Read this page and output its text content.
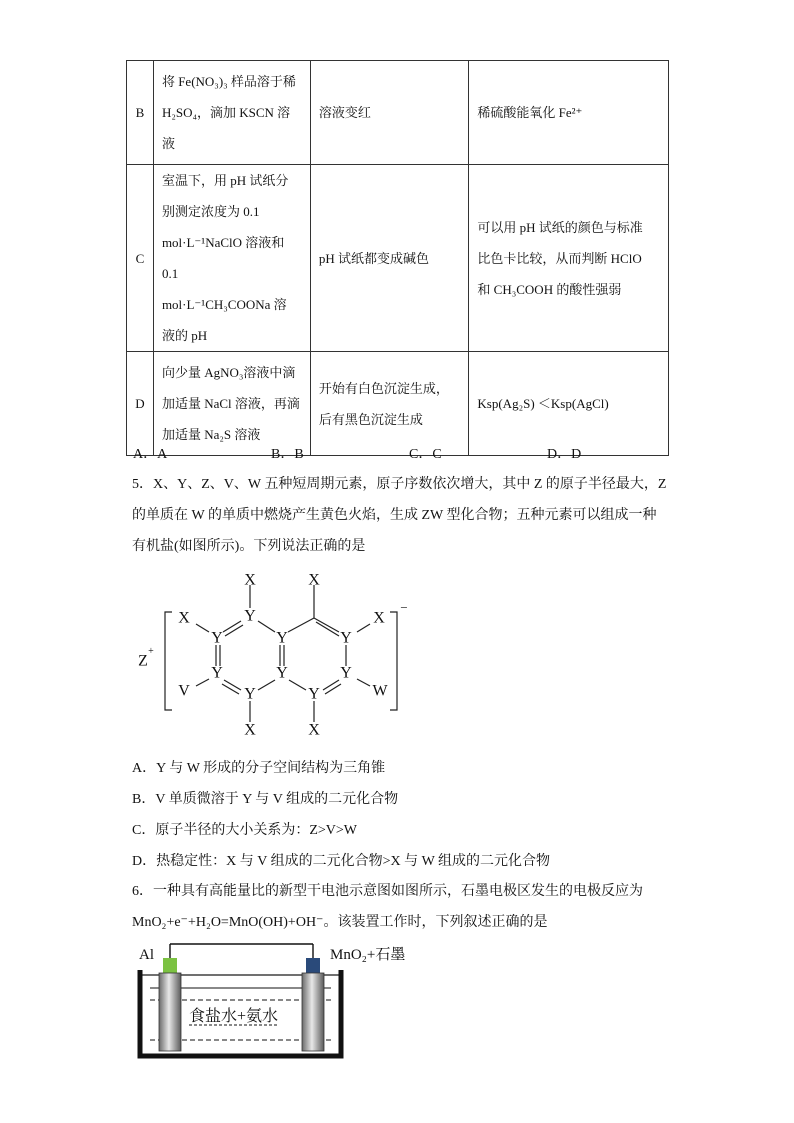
B	将 Fe(NO₃)₃ 样品溶于稀
H₂SO₄，滴加 KSCN 溶
液	溶液变红	稀硫酸能氧化 Fe²⁺

C	室温下，用 pH 试纸分
别测定浓度为 0.1
mol·L⁻¹NaClO 溶液和 0.1
mol·L⁻¹CH₃COONa 溶
液的 pH	pH 试纸都变成碱色	可以用 pH 试纸的颜色与标准
比色卡比较，从而判断 HClO
和 CH₃COOH 的酸性强弱

D	向少量 AgNO₃溶液中滴
加适量 NaCl 溶液，再滴
加适量 Na₂S 溶液	开始有白色沉淀生成，
后有黑色沉淀生成	Ksp(Ag₂S) ＜Ksp(AgCl)
A．A	B．B	C．C	D．D
5．X、Y、Z、V、W 五种短周期元素，原子序数依次增大，其中 Z 的原子半径最大，Z
的单质在 W 的单质中燃烧产生黄色火焰，生成 ZW 型化合物；五种元素可以组成一种
有机盐(如图所示)。下列说法正确的是
X	X
Y
X
Y	Y	Y
X
V
Y
Y
Y
Y
Y
W
X	X
Z
+
−
A．Y 与 W 形成的分子空间结构为三角锥
B．V 单质微溶于 Y 与 V 组成的二元化合物
C．原子半径的大小关系为：Z>V>W
D．热稳定性：X 与 V 组成的二元化合物>X 与 W 组成的二元化合物
6．一种具有高能量比的新型干电池示意图如图所示，石墨电极区发生的电极反应为
MnO₂+e⁻+H₂O=MnO(OH)+OH⁻。该装置工作时，下列叙述正确的是
Al	MnO₂+石墨
食盐水+氨水
